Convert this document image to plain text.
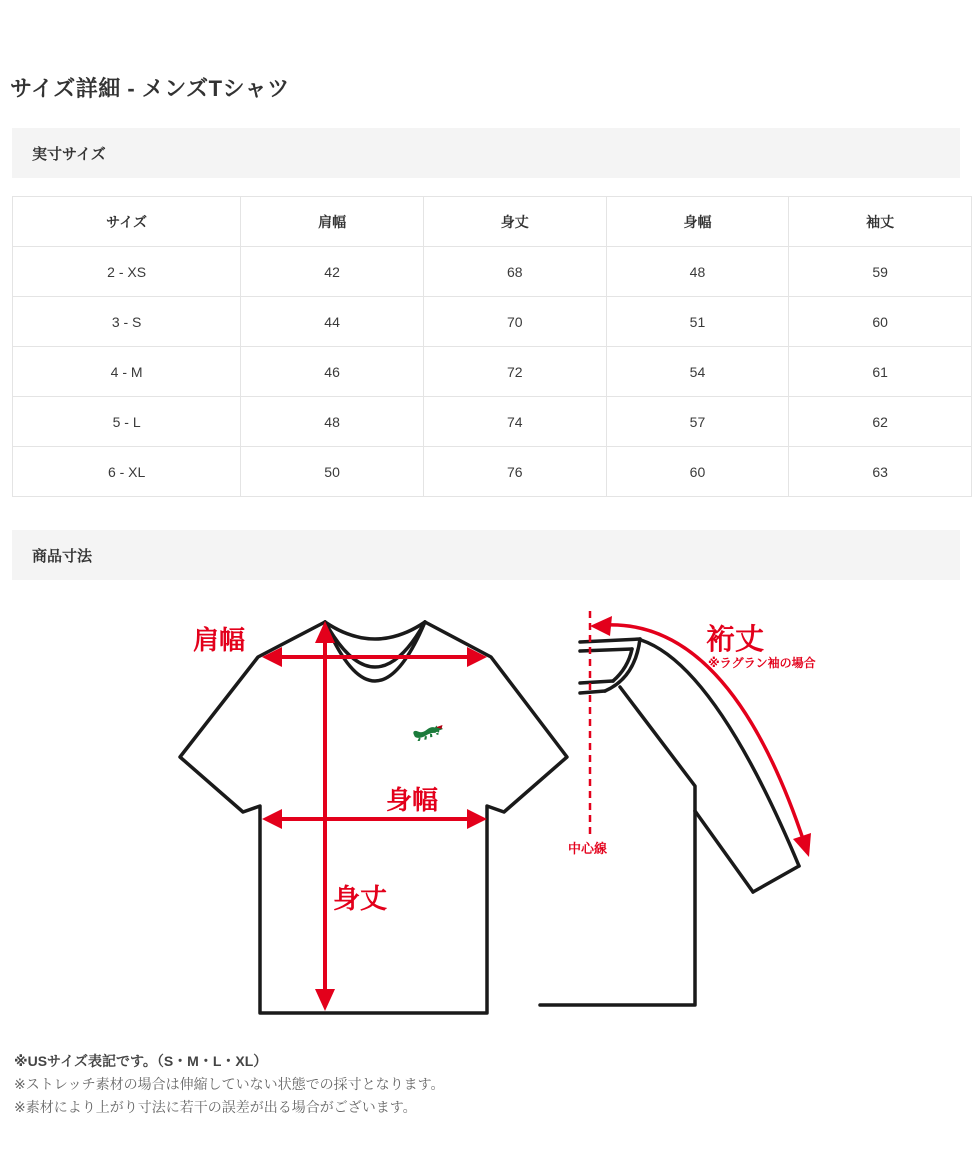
サイズ詳細 - メンズTシャツ
実寸サイズ
サイズ	肩幅	身丈	身幅	袖丈
2 - XS	42	68	48	59
3 - S	44	70	51	60
4 - M	46	72	54	61
5 - L	48	74	57	62
6 - XL	50	76	60	63
商品寸法
肩幅
身幅
身丈
裄丈
※ラグラン袖の場合
中心線
※USサイズ表記です。（S・M・L・XL）
※ストレッチ素材の場合は伸縮していない状態での採寸となります。
※素材により上がり寸法に若干の誤差が出る場合がございます。
